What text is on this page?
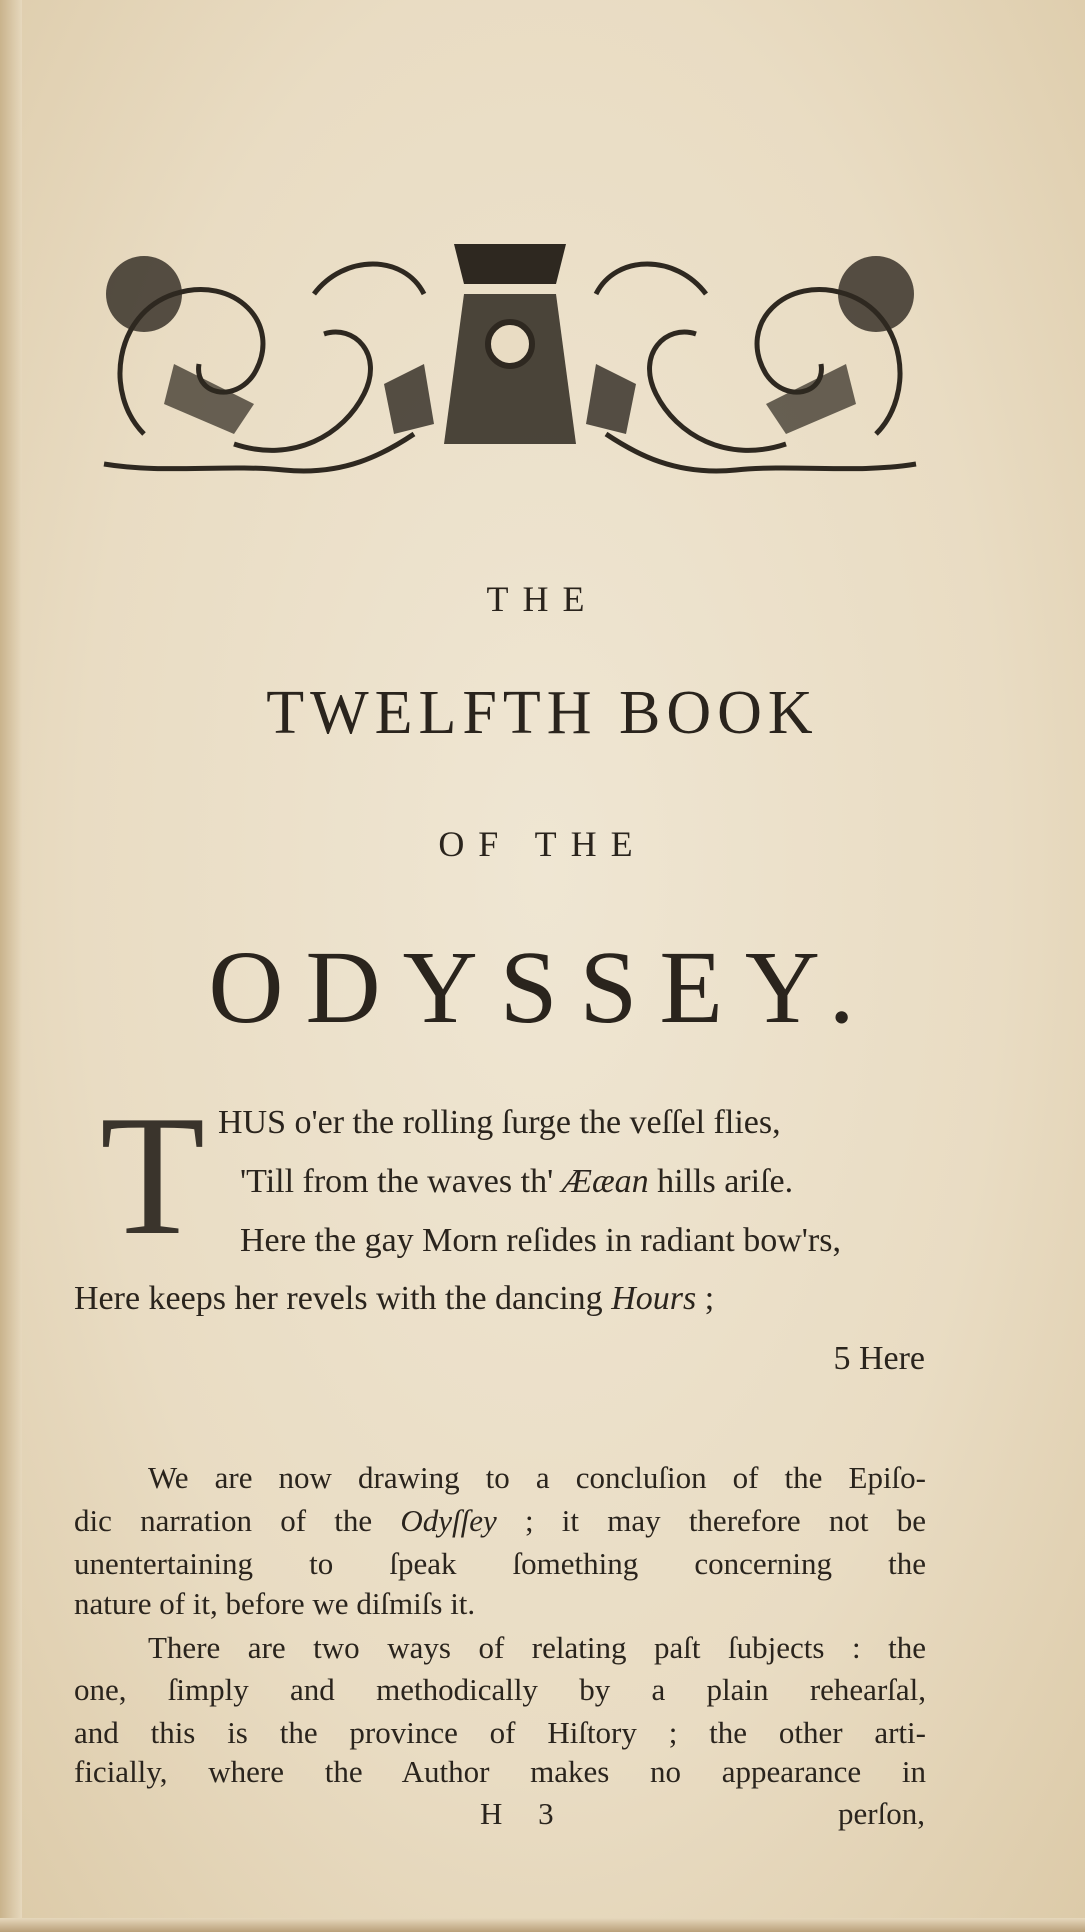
THE
TWELFTH BOOK
OF THE
ODYSSEY.
T HUS o'er the rolling ſurge the veſſel flies,
'Till from the waves th' Ææan hills ariſe.
Here the gay Morn reſides in radiant bow'rs,
Here keeps her revels with the dancing Hours ;
5 Here
We are now drawing to a concluſion of the Epiſo-
dic narration of the Odyſſey ; it may therefore not be
unentertaining to ſpeak ſomething concerning the
nature of it, before we diſmiſs it.
There are two ways of relating paſt ſubjects : the
one, ſimply and methodically by a plain rehearſal,
and this is the province of Hiſtory ; the other arti-
ficially, where the Author makes no appearance in
H 3	perſon,
